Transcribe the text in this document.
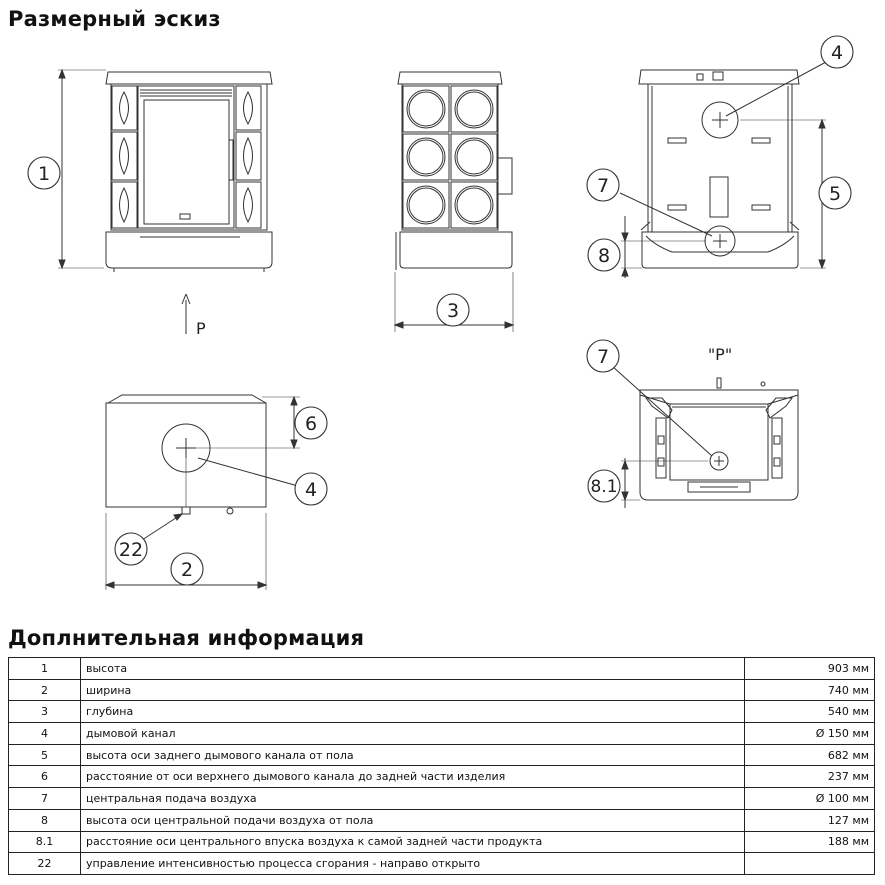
Размерный эскиз
1
3
4
7	5
8
6
4
22
2
7
8.1
P
"P"
Доплнительная информация
1	высота	903 мм
2	ширина	740 мм
3	глубина	540 мм
4	дымовой канал	Ø 150 мм
5	высота оси заднего дымового канала от пола	682 мм
6	расстояние от оси верхнего дымового канала до задней части изделия	237 мм
7	центральная подача воздуха	Ø 100 мм
8	высота оси центральной подачи воздуха от пола	127 мм
8.1	расстояние оси центрального впуска воздуха к самой задней части продукта	188 мм
22	управление интенсивностью процесса сгорания - направо открыто	
